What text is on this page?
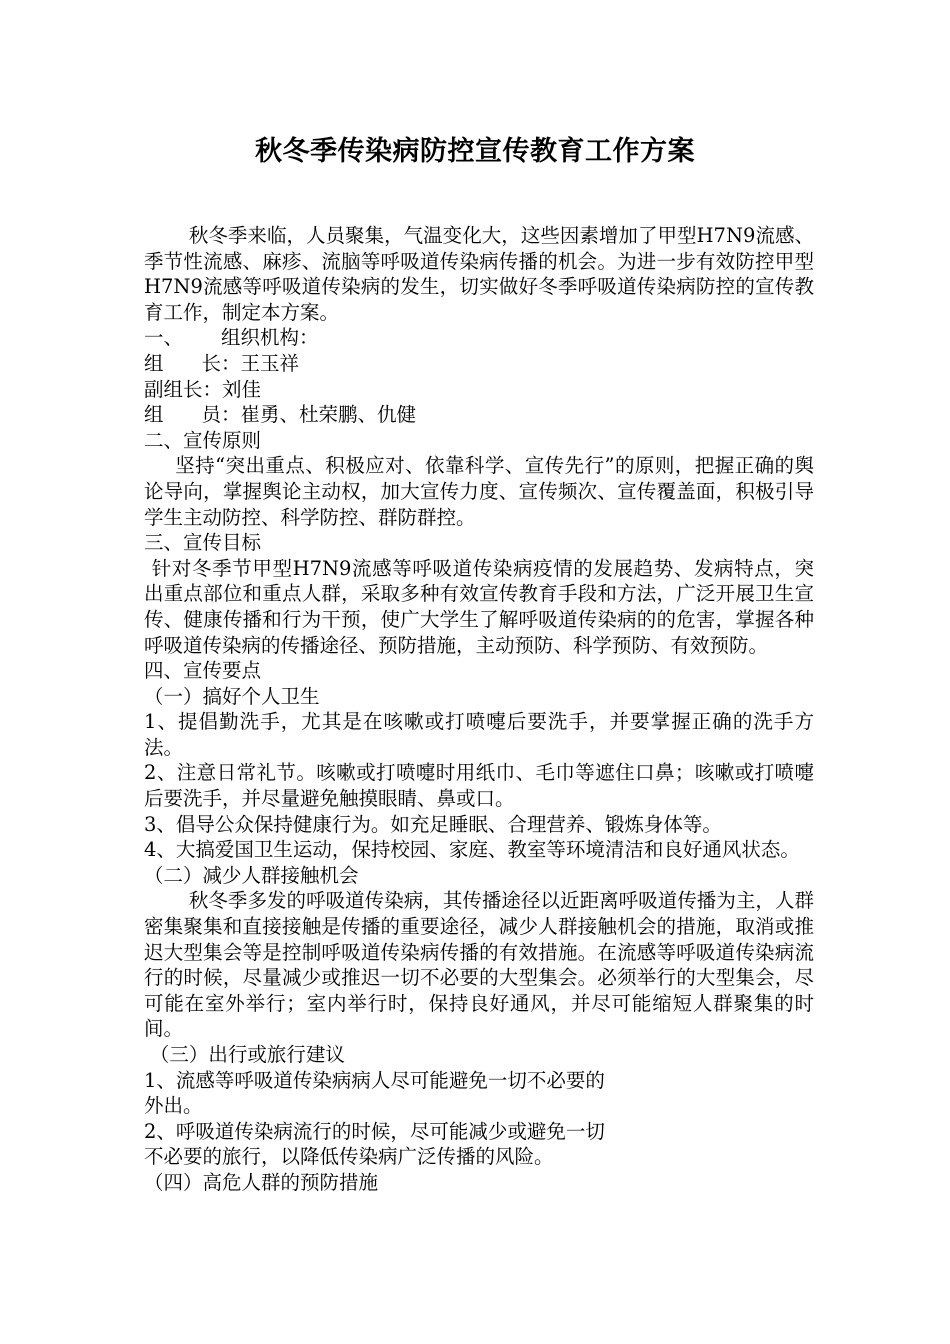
秋冬季传染病防控宣传教育工作方案

秋冬季来临，人员聚集，气温变化大，这些因素增加了甲型H7N9流感、季节性流感、麻疹、流脑等呼吸道传染病传播的机会。为进一步有效防控甲型H7N9流感等呼吸道传染病的发生，切实做好冬季呼吸道传染病防控的宣传教育工作，制定本方案。

一、 组织机构：

组 长：王玉祥

副组长：刘佳

组 员：崔勇、杜荣鹏、仇健

二、宣传原则

坚持“突出重点、积极应对、依靠科学、宣传先行”的原则，把握正确的舆论导向，掌握舆论主动权，加大宣传力度、宣传频次、宣传覆盖面，积极引导学生主动防控、科学防控、群防群控。

三、宣传目标

针对冬季节甲型H7N9流感等呼吸道传染病疫情的发展趋势、发病特点，突出重点部位和重点人群，采取多种有效宣传教育手段和方法，广泛开展卫生宣传、健康传播和行为干预，使广大学生了解呼吸道传染病的的危害，掌握各种呼吸道传染病的传播途径、预防措施，主动预防、科学预防、有效预防。

四、宣传要点

（一）搞好个人卫生

1、提倡勤洗手，尤其是在咳嗽或打喷嚏后要洗手，并要掌握正确的洗手方法。

2、注意日常礼节。咳嗽或打喷嚏时用纸巾、毛巾等遮住口鼻；咳嗽或打喷嚏后要洗手，并尽量避免触摸眼睛、鼻或口。

3、倡导公众保持健康行为。如充足睡眠、合理营养、锻炼身体等。

4、大搞爱国卫生运动，保持校园、家庭、教室等环境清洁和良好通风状态。

（二）减少人群接触机会

秋冬季多发的呼吸道传染病，其传播途径以近距离呼吸道传播为主，人群密集聚集和直接接触是传播的重要途径，减少人群接触机会的措施，取消或推迟大型集会等是控制呼吸道传染病传播的有效措施。在流感等呼吸道传染病流行的时候，尽量减少或推迟一切不必要的大型集会。必须举行的大型集会，尽可能在室外举行；室内举行时，保持良好通风，并尽可能缩短人群聚集的时间。

（三）出行或旅行建议

1、流感等呼吸道传染病病人尽可能避免一切不必要的

外出。

2、呼吸道传染病流行的时候，尽可能减少或避免一切

不必要的旅行，以降低传染病广泛传播的风险。

（四）高危人群的预防措施
